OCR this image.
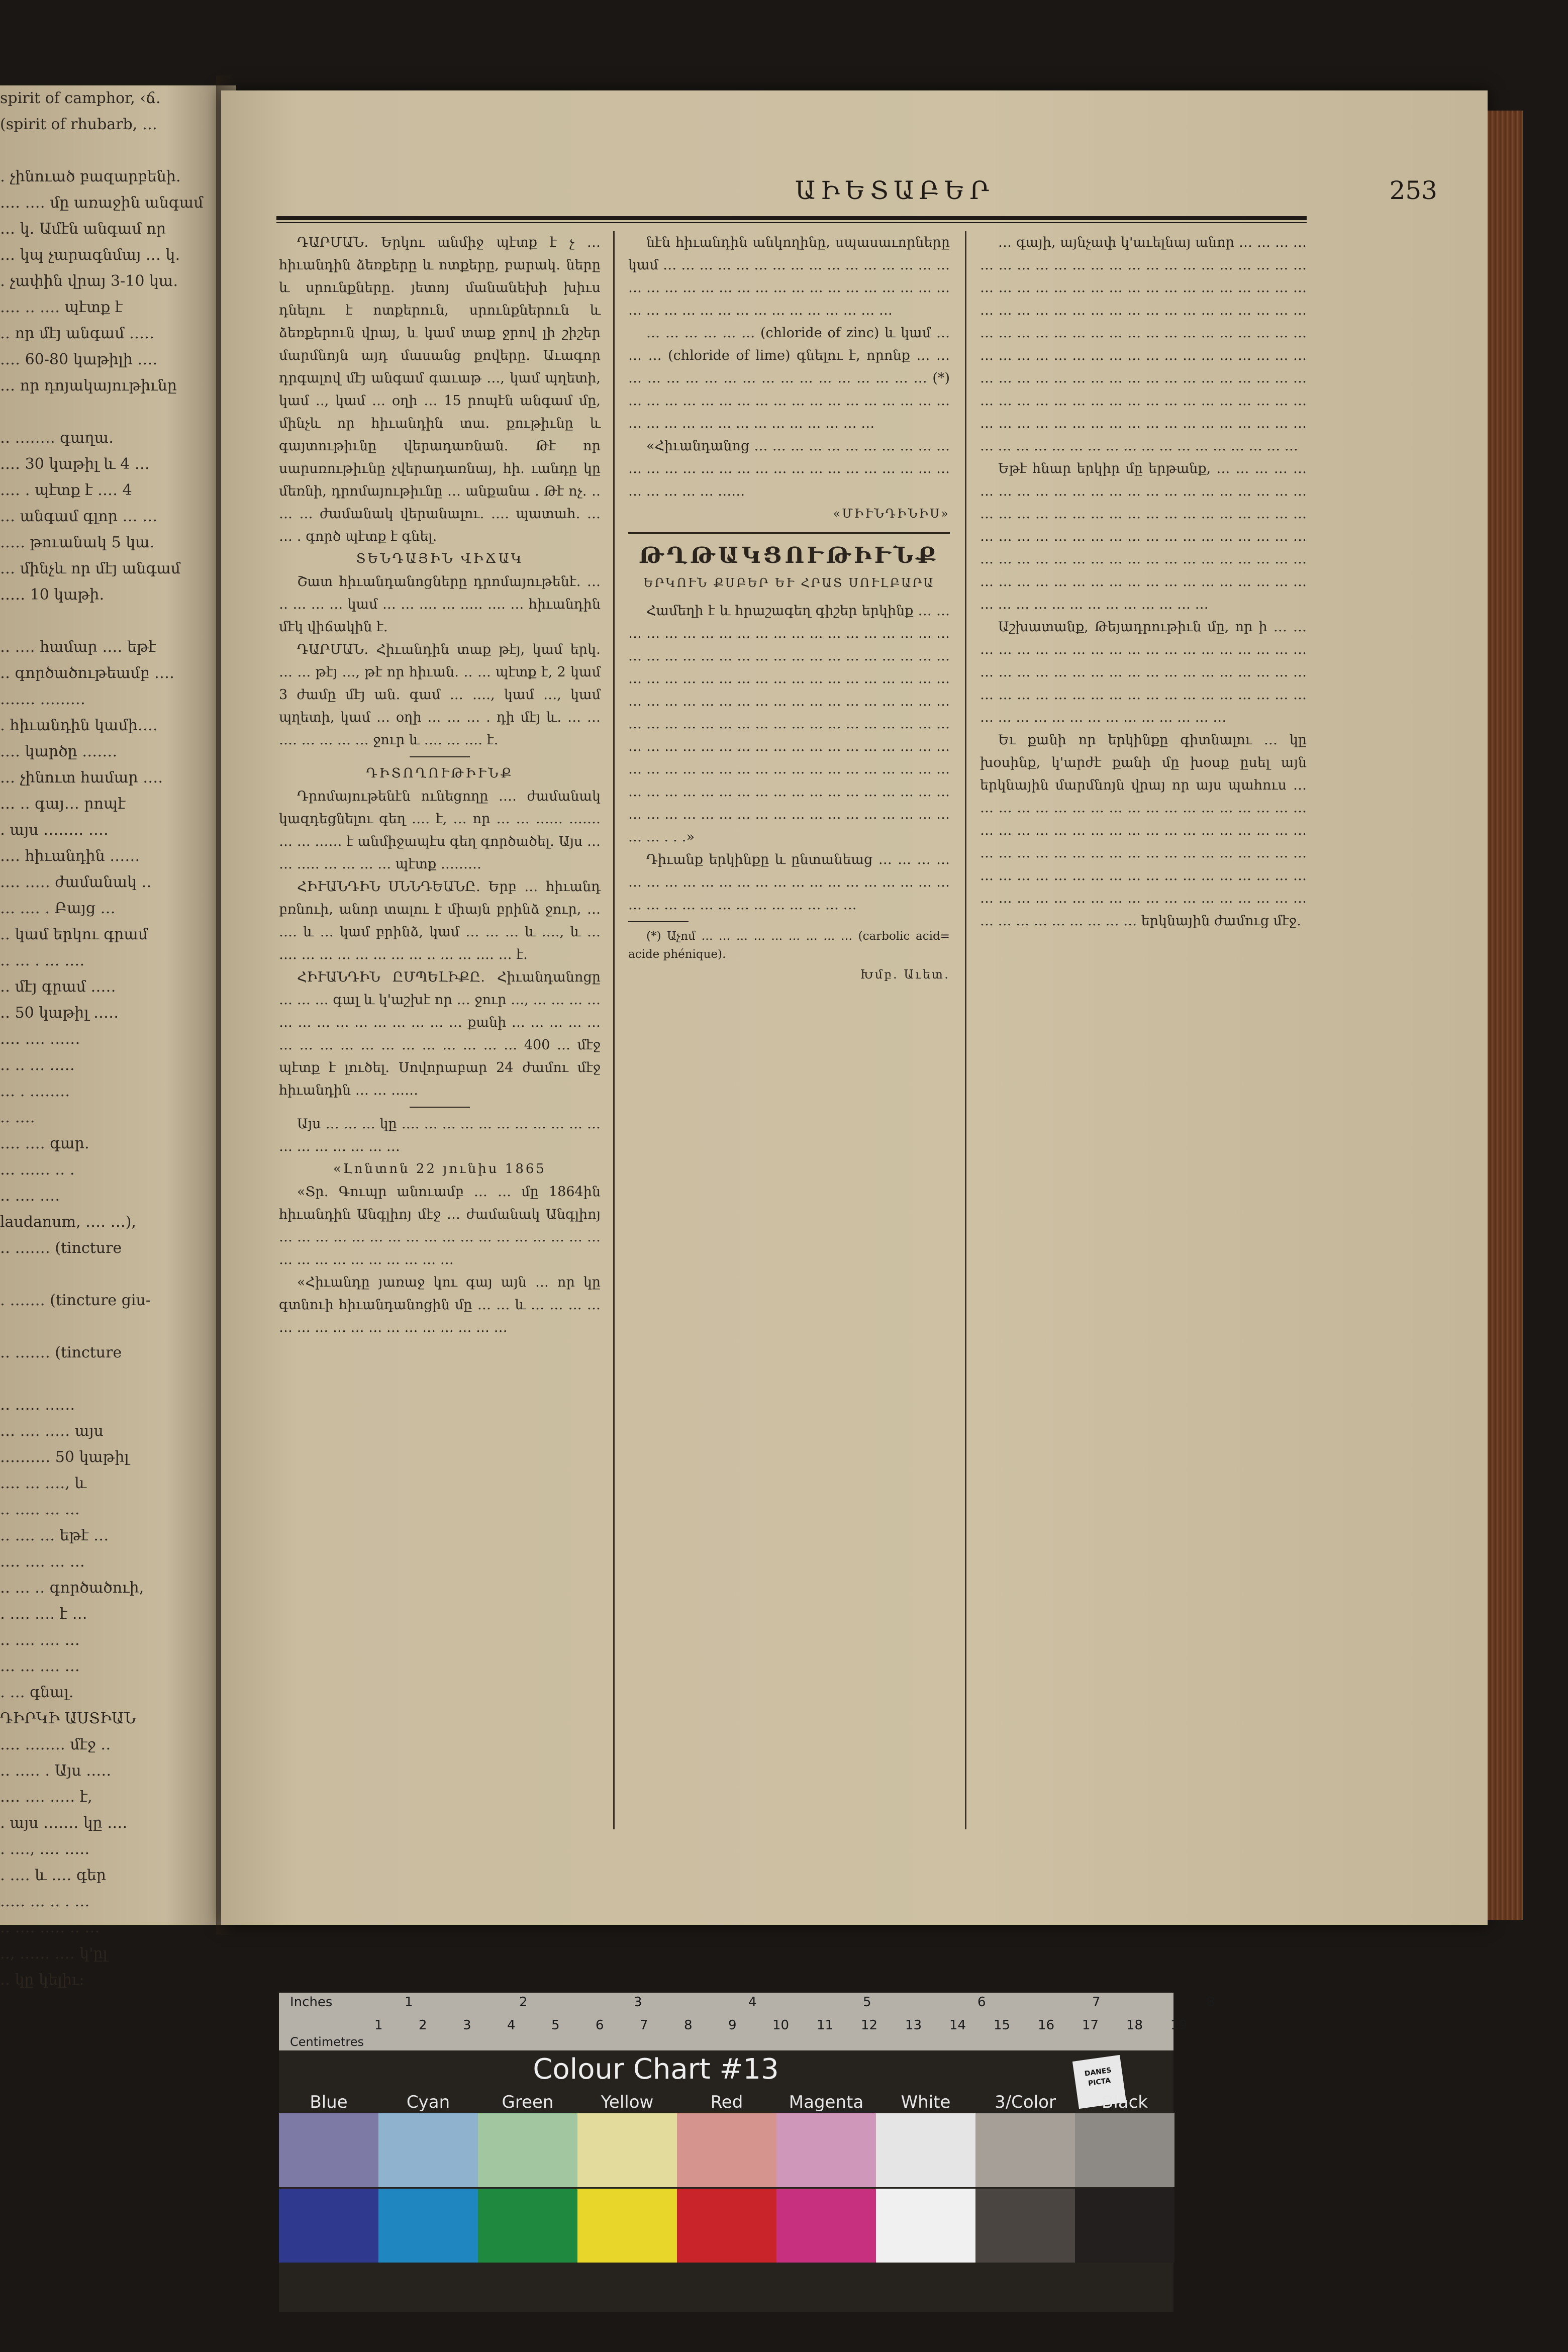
spirit of camphor, ‹ճ․
(spirit of rhubarb, ․․․
․ չինուած բազարբենի․
․․․․ ․․․․ մը առաջին անգամ
․․․ կ․ Ամէն անգամ որ
․․․ կպ չարագնմայ ․․․ կ․
․ չափին վրայ 3-10 կա․
․․․․ ․․ ․․․․ պէտք է
․․ որ մէյ անգամ ․․․․․
․․․․ 60-80 կաթիլի ․․․․
․․․ որ դոյակայութիւնը
․․ ․․․․․․․․ գաղա․
․․․․ 30 կաթիլ և 4 ․․․
․․․․ ․ պէտք է ․․․․ 4
․․․ անգամ գլոր ․․․ ․․․
․․․․․ թուանակ 5 կա․
․․․ մինչև որ մէյ անգամ
․․․․․ 10 կաթի․
․․ ․․․․ համար ․․․․ եթէ
․․ գործածութեամբ ․․․․
․․․․․․․ ․․․․․․․․․
․ հիւանդին կամի․․․․
․․․․ կարծը ․․․․․․․
․․․ չինուտ համար ․․․․
․․․ ․․ գայ․․․ րոպէ
․ այս ․․․․․․․․ ․․․․
․․․․ հիւանդին ․․․․․․
․․․․ ․․․․․ ժամանակ ․․
․․․ ․․․․ ․ Բայց ․․․
․․ կամ երկու գրամ
․․ ․․․ ․ ․․․ ․․․․
․․ մէյ գրամ ․․․․․
․․ 50 կաթիլ ․․․․․
․․․․ ․․․․ ․․․․․․
․․ ․․ ․․․ ․․․․․
․․․ ․ ․․․․․․․․
․․ ․․․․
․․․․ ․․․․ գար․
․․․ ․․․․․․ ․․ ․
․․ ․․․․ ․․․․
laudanum, ․․․․ ․․․),
․․ ․․․․․․․ (tincture
․ ․․․․․․․ (tincture giu-
․․ ․․․․․․․ (tincture
․․ ․․․․․ ․․․․․․
․․․ ․․․․ ․․․․․ այս
․․․․․․․․․․ 50 կաթիլ
․․․․ ․․․ ․․․․, և
․․ ․․․․․ ․․․ ․․․
․․ ․․․․ ․․․ եթէ ․․․
․․․․ ․․․․ ․․․ ․․․
․․ ․․․ ․․ գործածուի,
․ ․․․․ ․․․․ է ․․․
․․ ․․․․ ․․․․ ․․․
․․․ ․․․ ․․․․ ․․․
․ ․․․ գնալ․
ԴԻՐԿԻ ԱՍՏԻԱՆ
․․․․ ․․․․․․․․ մէջ ․․
․․ ․․․․․ ․ Այս ․․․․․
․․․․ ․․․․ ․․․․․ է,
․ այս ․․․․․․․ կը ․․․․
․ ․․․․, ․․․․ ․․․․․
․ ․․․․ և ․․․․ գեր
․․․․․ ․․․ ․․ ․ ․․․
․․ ․․․․ ․․․․․ ․․ ․․․
․․, ․․․․․․ ․․․․ կ'ըլ
․․ կը կելիւ։
ԱԻԵՏԱԲԵՐ	253

ԴԱՐՄԱՆ․ Երկու անմիջ պէտք է չ ․․․ հիւանդին ձեռքերը և ոտքերը, բարակ․ ները և սրունքները․ յետոյ մանանեխի խիւս դնելու է ոտքերուն, սրունքներուն և ձեռքերուն վրայ, և կամ տաք ջրով լի շիշեր մարմնոյն այդ մասանց քովերը․ Աւագոր դրգալով մէյ անգամ գաւաթ ․․․, կամ պղետի, կամ ․․, կամ ․․․ օղի ․․․ 15 րոպէն անգամ մը, մինչև որ հիւանդին տա․ քութիւնը և գայտութիւնը վերադառնան․ Թէ որ սարսռութիւնը չվերադառնայ, հի․ ւանդը կը մեռնի, դրոմայութիւնը ․․․ անքանա ․ Թէ ոչ․ ․․ ․․․ ․․․ ժամանակ վերանալու․ ․․․․ պատահ․ ․․․ ․․․ ․ գործ պէտք է գնել․

ՏԵՆԴԱՅԻՆ ՎԻՃԱԿ

Շատ հիւանդանոցները դրոմայութենէ․ ․․․ ․․ ․․․ ․․․ ․․․ կամ ․․․ ․․․ ․․․․ ․․․ ․․․․․ ․․․․ ․․․ հիւանդին մէկ վիճակին է․

ԴԱՐՄԱՆ․ Հիւանդին տաք թէյ, կամ երկ․ ․․․ ․․․ թէյ ․․․, թէ որ հիւան․ ․․ ․․․ պէտք է, 2 կամ 3 ժամը մէյ ան․ գամ ․․․ ․․․․, կամ ․․․, կամ պղետի, կամ ․․․ օղի ․․․ ․․․ ․․․ ․ դի մէյ և․ ․․․ ․․․ ․․․․ ․․․ ․․․ ․․․ ․․․ ջուր և ․․․․ ․․․ ․․․․ է․

ԴԻՏՈՂՈՒԹԻՒՆՔ

Դրոմայութենէն ունեցողը ․․․․ ժամանակ կազդեցնելու գեղ ․․․․ է, ․․․ որ ․․․ ․․․ ․․․․․․ ․․․․․․․ ․․․ ․․․ ․․․․․․ է անմիջապէս գեղ գործածել․ Այս ․․․ ․․․ ․․․․․ ․․․ ․․․ ․․․ ․․․ պէտք ․․․․․․․․․

ՀԻՒԱՆԴԻՆ ՍՆՆԴԵԱՆԸ․ Երբ ․․․ հիւանդ բռնուի, անոր տալու է միայն բրինձ ջուր, ․․․ ․․․․ և ․․․ կամ բրինձ, կամ ․․․ ․․․ ․․․ և ․․․․, և ․․․ ․․․․ ․․․ ․․․ ․․․ ․․․ ․․․ ․․․ ․․․ ․․ ․․․ ․․․ ․․․․ ․․․ է․

ՀԻՒԱՆԴԻՆ ԸՄՊԵԼԻՔԸ․ Հիւանդանոցը ․․․ ․․․ ․․․ գալ և կ'աշխէ որ ․․․ ջուր ․․․, ․․․ ․․․ ․․․ ․․․ ․․․ ․․․ ․․․ ․․․ ․․․ ․․․ ․․․ ․․․ ․․․ ․․․ քանի ․․․ ․․․ ․․․ ․․․ ․․․ ․․․ ․․․ ․․․ ․․․ ․․․ ․․․ ․․․ ․․․ ․․․ ․․․ ․․․ ․․․ 400 ․․․ մէջ պէտք է լուծել․ Սովորաբար 24 ժամու մէջ հիւանդին ․․․ ․․․ ․․․․․․

Այս ․․․ ․․․ ․․․ կը ․․․․ ․․․ ․․․ ․․․ ․․․ ․․․ ․․․ ․․․ ․․․ ․․․ ․․․ ․․․ ․․․ ․․․ ․․․ ․․․ ․․․ ․․․

«Լոնտոն 22 յունիս 1865

«Տր․ Գուպր անուամբ ․․․ ․․․ մը 1864ին հիւանդին Անգլիոյ մէջ ․․․ ժամանակ Անգլիոյ ․․․ ․․․ ․․․ ․․․ ․․․ ․․․ ․․․ ․․․ ․․․ ․․․ ․․․ ․․․ ․․․ ․․․ ․․․ ․․․ ․․․ ․․․ ․․․ ․․․ ․․․ ․․․ ․․․ ․․․ ․․․ ․․․ ․․․ ․․․

«Հիւանդը յառաջ կու գայ այն ․․․ որ կը գտնուի հիւանդանոցին մը ․․․ ․․․ և ․․․ ․․․ ․․․ ․․․ ․․․ ․․․ ․․․ ․․․ ․․․ ․․․ ․․․ ․․․ ․․․ ․․․ ․․․ ․․․ ․․․

նէն հիւանդին անկողինը, սպասաւորները կամ ․․․ ․․․ ․․․ ․․․ ․․․ ․․․ ․․․ ․․․ ․․․ ․․․ ․․․ ․․․ ․․․ ․․․ ․․․ ․․․ ․․․ ․․․ ․․․ ․․․ ․․․ ․․․ ․․․ ․․․ ․․․ ․․․ ․․․ ․․․ ․․․ ․․․ ․․․ ․․․ ․․․ ․․․ ․․․ ․․․ ․․․ ․․․ ․․․ ․․․ ․․․ ․․․ ․․․ ․․․ ․․․ ․․․ ․․․ ․․․ ․․․

․․․ ․․․ ․․․ ․․․ ․․․ ․․․ (chloride of zinc) և կամ ․․․ ․․․ ․․․ (chloride of lime) գնելու է, որոնք ․․․ ․․․ ․․․ ․․․ ․․․ ․․․ ․․․ ․․․ ․․․ ․․․ ․․․ ․․․ ․․․ ․․․ ․․․ ․․․ ․․․ ․․․ (*) ․․․ ․․․ ․․․ ․․․ ․․․ ․․․ ․․․ ․․․ ․․․ ․․․ ․․․ ․․․ ․․․ ․․․ ․․․ ․․․ ․․․ ․․․ ․․․ ․․․ ․․․ ․․․ ․․․ ․․․ ․․․ ․․․ ․․․ ․․․ ․․․ ․․․ ․․․ ․․․

«Հիւանդանոց ․․․ ․․․ ․․․ ․․․ ․․․ ․․․ ․․․ ․․․ ․․․ ․․․ ․․․ ․․․ ․․․ ․․․ ․․․ ․․․ ․․․ ․․․ ․․․ ․․․ ․․․ ․․․ ․․․ ․․․ ․․․ ․․․ ․․․ ․․․ ․․․ ․․․ ․․․ ․․․ ․․․ ․․․ ․․․․․․

«ՄԻՒՆԴԻՆԻՍ»

ԹՂԹԱԿՑՈՒԹԻՒՆՔ
ԵՐԿՈՒՆ ՔՍԲԵՐ ԵՒ ՀՐԱՏ ՍՈՒԼԲԱՐԱ

Համեղի է և հրաշագեղ գիշեր երկինք ․․․ ․․․ ․․․ ․․․ ․․․ ․․․ ․․․ ․․․ ․․․ ․․․ ․․․ ․․․ ․․․ ․․․ ․․․ ․․․ ․․․ ․․․ ․․․ ․․․ ․․․ ․․․ ․․․ ․․․ ․․․ ․․․ ․․․ ․․․ ․․․ ․․․ ․․․ ․․․ ․․․ ․․․ ․․․ ․․․ ․․․ ․․․ ․․․ ․․․ ․․․ ․․․ ․․․ ․․․ ․․․ ․․․ ․․․ ․․․ ․․․ ․․․ ․․․ ․․․ ․․․ ․․․ ․․․ ․․․ ․․․ ․․․ ․․․ ․․․ ․․․ ․․․ ․․․ ․․․ ․․․ ․․․ ․․․ ․․․ ․․․ ․․․ ․․․ ․․․ ․․․ ․․․ ․․․ ․․․ ․․․ ․․․ ․․․ ․․․ ․․․ ․․․ ․․․ ․․․ ․․․ ․․․ ․․․ ․․․ ․․․ ․․․ ․․․ ․․․ ․․․ ․․․ ․․․ ․․․ ․․․ ․․․ ․․․ ․․․ ․․․ ․․․ ․․․ ․․․ ․․․ ․․․ ․․․ ․․․ ․․․ ․․․ ․․․ ․․․ ․․․ ․․․ ․․․ ․․․ ․․․ ․․․ ․․․ ․․․ ․․․ ․․․ ․․․ ․․․ ․․․ ․․․ ․․․ ․․․ ․․․ ․․․ ․․․ ․․․ ․․․ ․․․ ․․․ ․․․ ․․․ ․․․ ․․․ ․․․ ․․․ ․․․ ․․․ ․․․ ․․․ ․․․ ․․․ ․․․ ․․․ ․․․ ․․․ ․․․ ․․․ ․․․ ․․․ ․․․ ․․․ ․․․ ․․․ ․․․ ․․․ ․․․ ․․․ ․․․ ․․․ ․․․ ․ ․ ․»

Դիւանք երկինքը և ընտանեաց ․․․ ․․․ ․․․ ․․․ ․․․ ․․․ ․․․ ․․․ ․․․ ․․․ ․․․ ․․․ ․․․ ․․․ ․․․ ․․․ ․․․ ․․․ ․․․ ․․․ ․․․ ․․․ ․․․ ․․․ ․․․ ․․․ ․․․ ․․․ ․․․ ․․․ ․․․ ․․․ ․․․ ․․․ ․․․

(*) Աչոմ ․․․ ․․․ ․․․ ․․․ ․․․ ․․․ ․․․ ․․․ ․․․ (carbolic acid= acide phénique)․

Խմբ․ Աւետ․

․․․ գայի, այնչափ կ'աւելնայ անոր ․․․ ․․․ ․․․ ․․․ ․․․ ․․․ ․․․ ․․․ ․․․ ․․․ ․․․ ․․․ ․․․ ․․․ ․․․ ․․․ ․․․ ․․․ ․․․ ․․․ ․․․ ․․․ ․․․ ․․․ ․․․ ․․․ ․․․ ․․․ ․․․ ․․․ ․․․ ․․․ ․․․ ․․․ ․․․ ․․․ ․․․ ․․․ ․․․ ․․․ ․․․ ․․․ ․․․ ․․․ ․․․ ․․․ ․․․ ․․․ ․․․ ․․․ ․․․ ․․․ ․․․ ․․․ ․․․ ․․․ ․․․ ․․․ ․․․ ․․․ ․․․ ․․․ ․․․ ․․․ ․․․ ․․․ ․․․ ․․․ ․․․ ․․․ ․․․ ․․․ ․․․ ․․․ ․․․ ․․․ ․․․ ․․․ ․․․ ․․․ ․․․ ․․․ ․․․ ․․․ ․․․ ․․․ ․․․ ․․․ ․․․ ․․․ ․․․ ․․․ ․․․ ․․․ ․․․ ․․․ ․․․ ․․․ ․․․ ․․․ ․․․ ․․․ ․․․ ․․․ ․․․ ․․․ ․․․ ․․․ ․․․ ․․․ ․․․ ․․․ ․․․ ․․․ ․․․ ․․․ ․․․ ․․․ ․․․ ․․․ ․․․ ․․․ ․․․ ․․․ ․․․ ․․․ ․․․ ․․․ ․․․ ․․․ ․․․ ․․․ ․․․ ․․․ ․․․ ․․․ ․․․ ․․․ ․․․ ․․․ ․․․ ․․․ ․․․ ․․․ ․․․ ․․․ ․․․ ․․․ ․․․ ․․․ ․․․ ․․․ ․․․ ․․․ ․․․ ․․․ ․․․ ․․․ ․․․ ․․․ ․․․ ․․․ ․․․ ․․․ ․․․ ․․․

Եթէ հնար երկիր մը երթանք, ․․․ ․․․ ․․․ ․․․ ․․․ ․․․ ․․․ ․․․ ․․․ ․․․ ․․․ ․․․ ․․․ ․․․ ․․․ ․․․ ․․․ ․․․ ․․․ ․․․ ․․․ ․․․ ․․․ ․․․ ․․․ ․․․ ․․․ ․․․ ․․․ ․․․ ․․․ ․․․ ․․․ ․․․ ․․․ ․․․ ․․․ ․․․ ․․․ ․․․ ․․․ ․․․ ․․․ ․․․ ․․․ ․․․ ․․․ ․․․ ․․․ ․․․ ․․․ ․․․ ․․․ ․․․ ․․․ ․․․ ․․․ ․․․ ․․․ ․․․ ․․․ ․․․ ․․․ ․․․ ․․․ ․․․ ․․․ ․․․ ․․․ ․․․ ․․․ ․․․ ․․․ ․․․ ․․․ ․․․ ․․․ ․․․ ․․․ ․․․ ․․․ ․․․ ․․․ ․․․ ․․․ ․․․ ․․․ ․․․ ․․․ ․․․ ․․․ ․․․ ․․․ ․․․ ․․․ ․․․ ․․․ ․․․ ․․․ ․․․ ․․․ ․․․ ․․․ ․․․ ․․․ ․․․ ․․․ ․․․

Աշխատանք, Թեյադրութիւն մը, որ ի ․․․ ․․․ ․․․ ․․․ ․․․ ․․․ ․․․ ․․․ ․․․ ․․․ ․․․ ․․․ ․․․ ․․․ ․․․ ․․․ ․․․ ․․․ ․․․ ․․․ ․․․ ․․․ ․․․ ․․․ ․․․ ․․․ ․․․ ․․․ ․․․ ․․․ ․․․ ․․․ ․․․ ․․․ ․․․ ․․․ ․․․ ․․․ ․․․ ․․․ ․․․ ․․․ ․․․ ․․․ ․․․ ․․․ ․․․ ․․․ ․․․ ․․․ ․․․ ․․․ ․․․ ․․․ ․․․ ․․․ ․․․ ․․․ ․․․ ․․․ ․․․ ․․․ ․․․ ․․․ ․․․ ․․․ ․․․ ․․․ ․․․ ․․․

Եւ քանի որ երկինքը գիտնալու ․․․ կը խօսինք, կ'արժէ քանի մը խօսք ըսել այն երկնային մարմնոյն վրայ որ այս պահուս ․․․ ․․․ ․․․ ․․․ ․․․ ․․․ ․․․ ․․․ ․․․ ․․․ ․․․ ․․․ ․․․ ․․․ ․․․ ․․․ ․․․ ․․․ ․․․ ․․․ ․․․ ․․․ ․․․ ․․․ ․․․ ․․․ ․․․ ․․․ ․․․ ․․․ ․․․ ․․․ ․․․ ․․․ ․․․ ․․․ ․․․ ․․․ ․․․ ․․․ ․․․ ․․․ ․․․ ․․․ ․․․ ․․․ ․․․ ․․․ ․․․ ․․․ ․․․ ․․․ ․․․ ․․․ ․․․ ․․․ ․․․ ․․․ ․․․ ․․․ ․․․ ․․․ ․․․ ․․․ ․․․ ․․․ ․․․ ․․․ ․․․ ․․․ ․․․ ․․․ ․․․ ․․․ ․․․ ․․․ ․․․ ․․․ ․․․ ․․․ ․․․ ․․․ ․․․ ․․․ ․․․ ․․․ ․․․ ․․․ ․․․ ․․․ ․․․ ․․․ ․․․ ․․․ ․․․ ․․․ ․․․ ․․․ ․․․ ․․․ երկնային ժամուց մէջ․

Inches
Centimetres
1	2	3	4	5	6	7	8
1	2	3	4	5	6	7	8	9	10 11 12 13 14 15 16 17 18 19
Colour Chart #13	DANES
PICTA
Blue	Cyan	Green	Yellow	Red	Magenta	White	3/Color	Black
